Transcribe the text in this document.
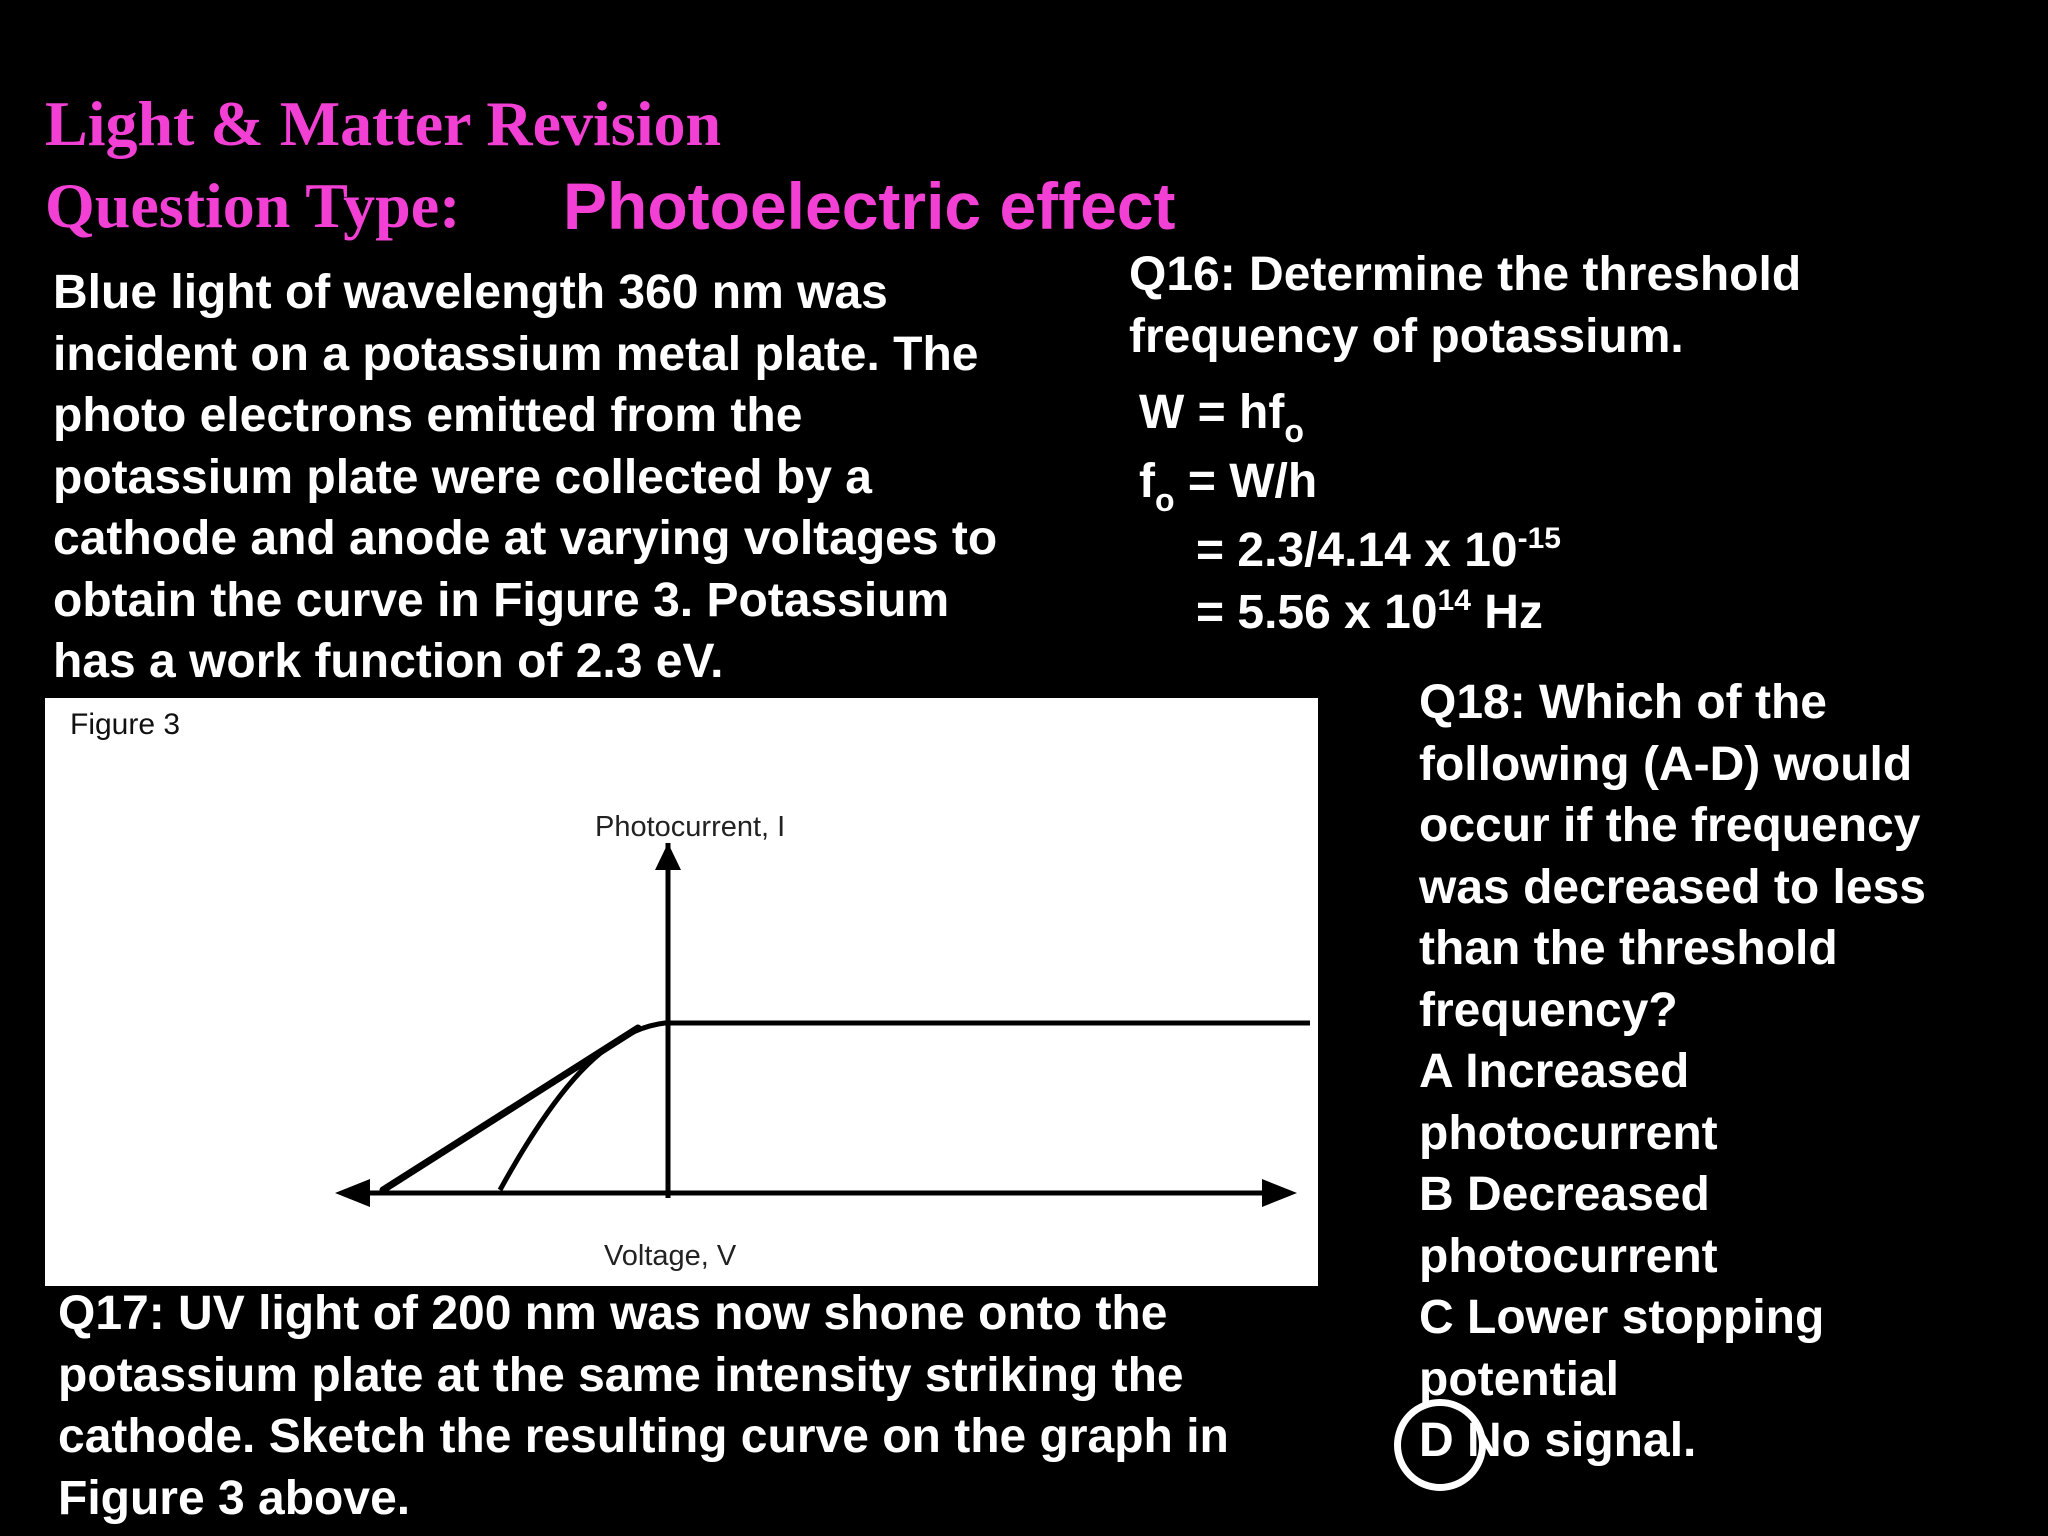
Light & Matter Revision
Question Type: Photoelectric effect
Blue light of wavelength 360 nm was
incident on a potassium metal plate. The
photo electrons emitted from the
potassium plate were collected by a
cathode and anode at varying voltages to
obtain the curve in Figure 3. Potassium
has a work function of 2.3 eV.
Q16: Determine the threshold
frequency of potassium.
$W = hf_o$
$f_o = W/h$
= 2.3/4.14 x $10^{-15}$
= 5.56 x $10^{14}$ Hz
Figure 3
Photocurrent, I
Voltage, V
Q17: UV light of 200 nm was now shone onto the
potassium plate at the same intensity striking the
cathode. Sketch the resulting curve on the graph in
Figure 3 above.
Q18: Which of the
following (A-D) would
occur if the frequency
was decreased to less
than the threshold
frequency?
A Increased
photocurrent
B Decreased
photocurrent
C Lower stopping
potential
D No signal.
